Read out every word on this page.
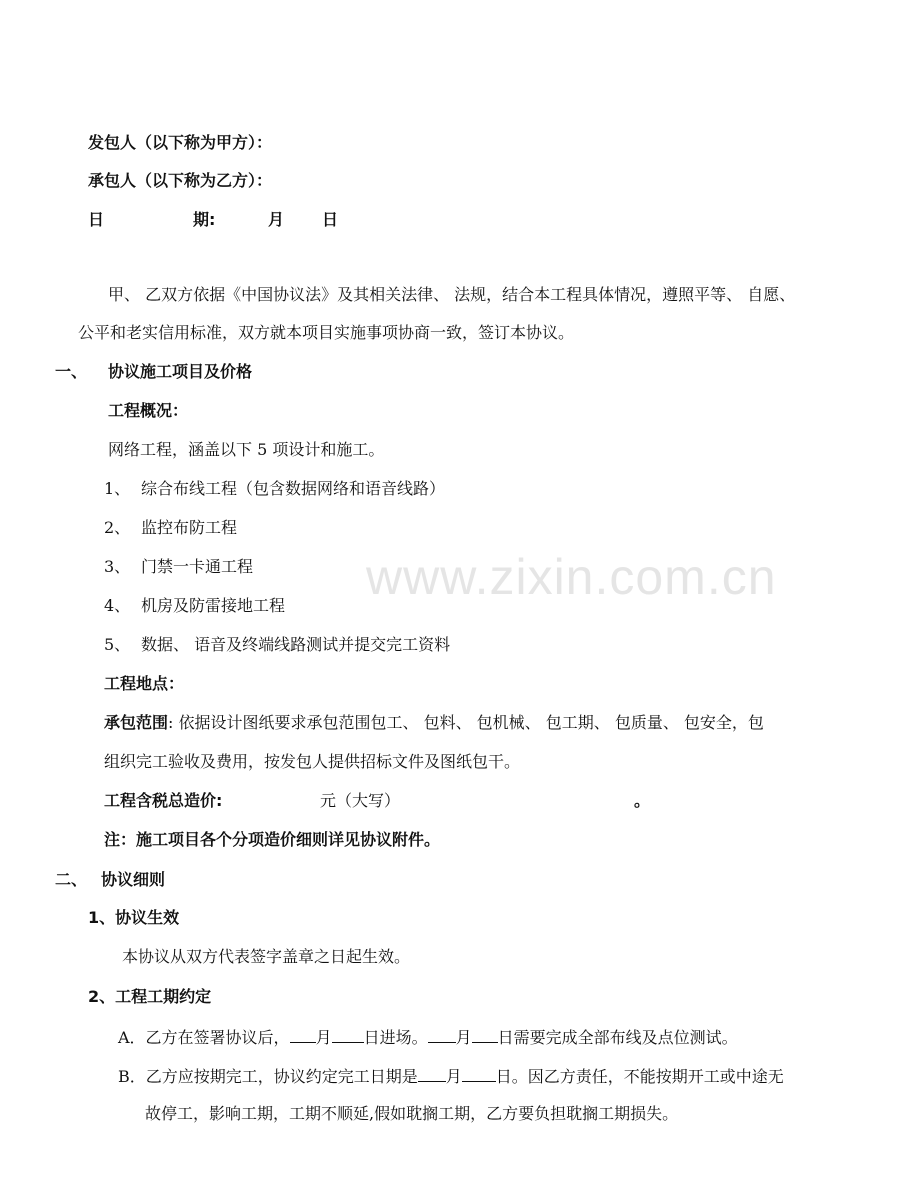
www.zixin.com.cn
发包人（以下称为甲方）：
承包人（以下称为乙方）：
日	期:	月 日
甲、 乙双方依据《中国协议法》及其相关法律、 法规，结合本工程具体情况，遵照平等、 自愿、
公平和老实信用标准，双方就本项目实施事项协商一致，签订本协议。
一、 协议施工项目及价格
工程概况：
网络工程，涵盖以下 5 项设计和施工。
1、 综合布线工程（包含数据网络和语音线路）
2、 监控布防工程
3、 门禁一卡通工程
4、 机房及防雷接地工程
5、 数据、 语音及终端线路测试并提交完工资料
工程地点：
承包范围: 依据设计图纸要求承包范围包工、 包料、 包机械、 包工期、 包质量、 包安全，包
组织完工验收及费用，按发包人提供招标文件及图纸包干。
工程含税总造价:	元（大写）	。
注：施工项目各个分项造价细则详见协议附件。
二、 协议细则
1、协议生效
本协议从双方代表签字盖章之日起生效。
2、工程工期约定
A．乙方在签署协议后， 月 日进场。 月 日需要完成全部布线及点位测试。
B．乙方应按期完工，协议约定完工日期是 月 日。因乙方责任，不能按期开工或中途无
故停工，影响工期，工期不顺延,假如耽搁工期，乙方要负担耽搁工期损失。
